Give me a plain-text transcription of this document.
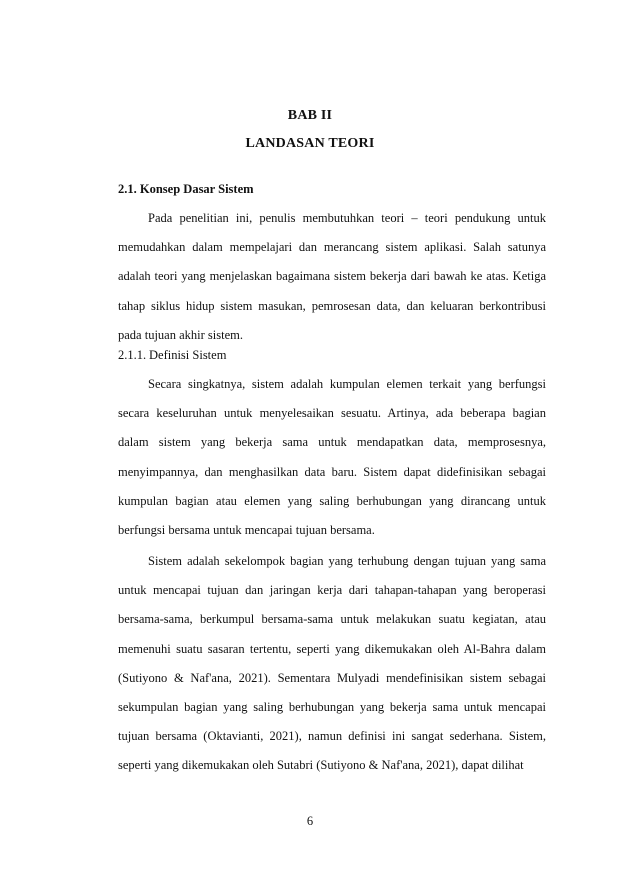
BAB II
LANDASAN TEORI
2.1. Konsep Dasar Sistem
Pada penelitian ini, penulis membutuhkan teori – teori pendukung untuk memudahkan dalam mempelajari dan merancang sistem aplikasi. Salah satunya adalah teori yang menjelaskan bagaimana sistem bekerja dari bawah ke atas. Ketiga tahap siklus hidup sistem masukan, pemrosesan data, dan keluaran berkontribusi pada tujuan akhir sistem.
2.1.1. Definisi Sistem
Secara singkatnya, sistem adalah kumpulan elemen terkait yang berfungsi secara keseluruhan untuk menyelesaikan sesuatu. Artinya, ada beberapa bagian dalam sistem yang bekerja sama untuk mendapatkan data, memprosesnya, menyimpannya, dan menghasilkan data baru. Sistem dapat didefinisikan sebagai kumpulan bagian atau elemen yang saling berhubungan yang dirancang untuk berfungsi bersama untuk mencapai tujuan bersama.
Sistem adalah sekelompok bagian yang terhubung dengan tujuan yang sama untuk mencapai tujuan dan jaringan kerja dari tahapan-tahapan yang beroperasi bersama-sama, berkumpul bersama-sama untuk melakukan suatu kegiatan, atau memenuhi suatu sasaran tertentu, seperti yang dikemukakan oleh Al-Bahra dalam (Sutiyono & Naf'ana, 2021). Sementara Mulyadi mendefinisikan sistem sebagai sekumpulan bagian yang saling berhubungan yang bekerja sama untuk mencapai tujuan bersama (Oktavianti, 2021), namun definisi ini sangat sederhana. Sistem, seperti yang dikemukakan oleh Sutabri (Sutiyono & Naf'ana, 2021), dapat dilihat
6
